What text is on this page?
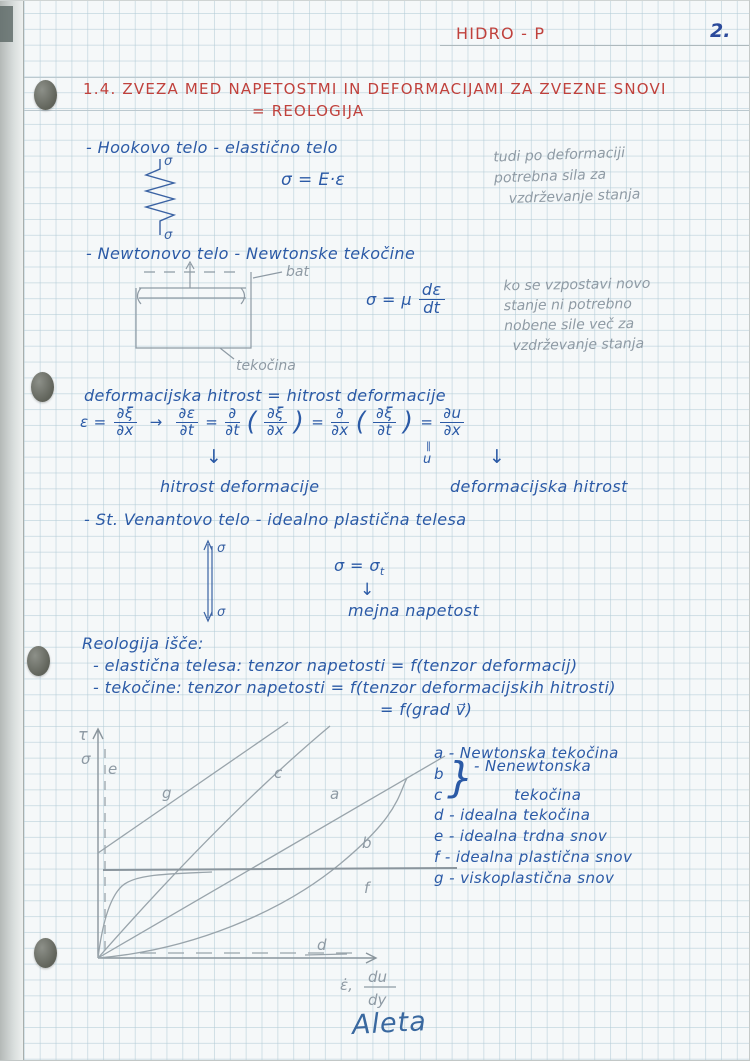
HIDRO - P	2.
1.4. ZVEZA MED NAPETOSTMI IN DEFORMACIJAMI ZA ZVEZNE SNOVI
= REOLOGIJA
- Hookovo telo - elastično telo
σ
σ
σ = E·ε
tudi po deformaciji
potrebna sila za
vzdrževanje stanja
- Newtonovo telo - Newtonske tekočine
bat
tekočina
σ = μ $\frac{d\varepsilon}{dt}$	ko se vzpostavi novo
stanje ni potrebno
nobene sile več za
vzdrževanje stanja
deformacijska hitrost = hitrost deformacije
$\varepsilon = \frac{\partial\xi}{\partial x} \to \frac{\partial\varepsilon}{\partial t} = \frac{\partial}{\partial t}$ ( $\frac{\partial\xi}{\partial x}$ ) = $\frac{\partial}{\partial x}$ ( $\frac{\partial\xi}{\partial t}$ ) = $\frac{\partial u}{\partial x}$
↓	‖
u	↓
hitrost deformacije	deformacijska hitrost
- St. Venantovo telo - idealno plastična telesa
σ
σ
$\sigma = \sigma_t$
↓
mejna napetost
Reologija išče:
- elastična telesa: tenzor napetosti = f(tenzor deformacij)
- tekočine: tenzor napetosti = f(tenzor deformacijskih hitrosti)
= f(grad v⃗)
τ
σ
e
g
c
a
b
f
d
ε̇, du
dy
a - Newtonska tekočina
b
c } - Nenewtonska
tekočina
d - idealna tekočina
e - idealna trdna snov
f - idealna plastična snov
g - viskoplastična snov
Aleta
